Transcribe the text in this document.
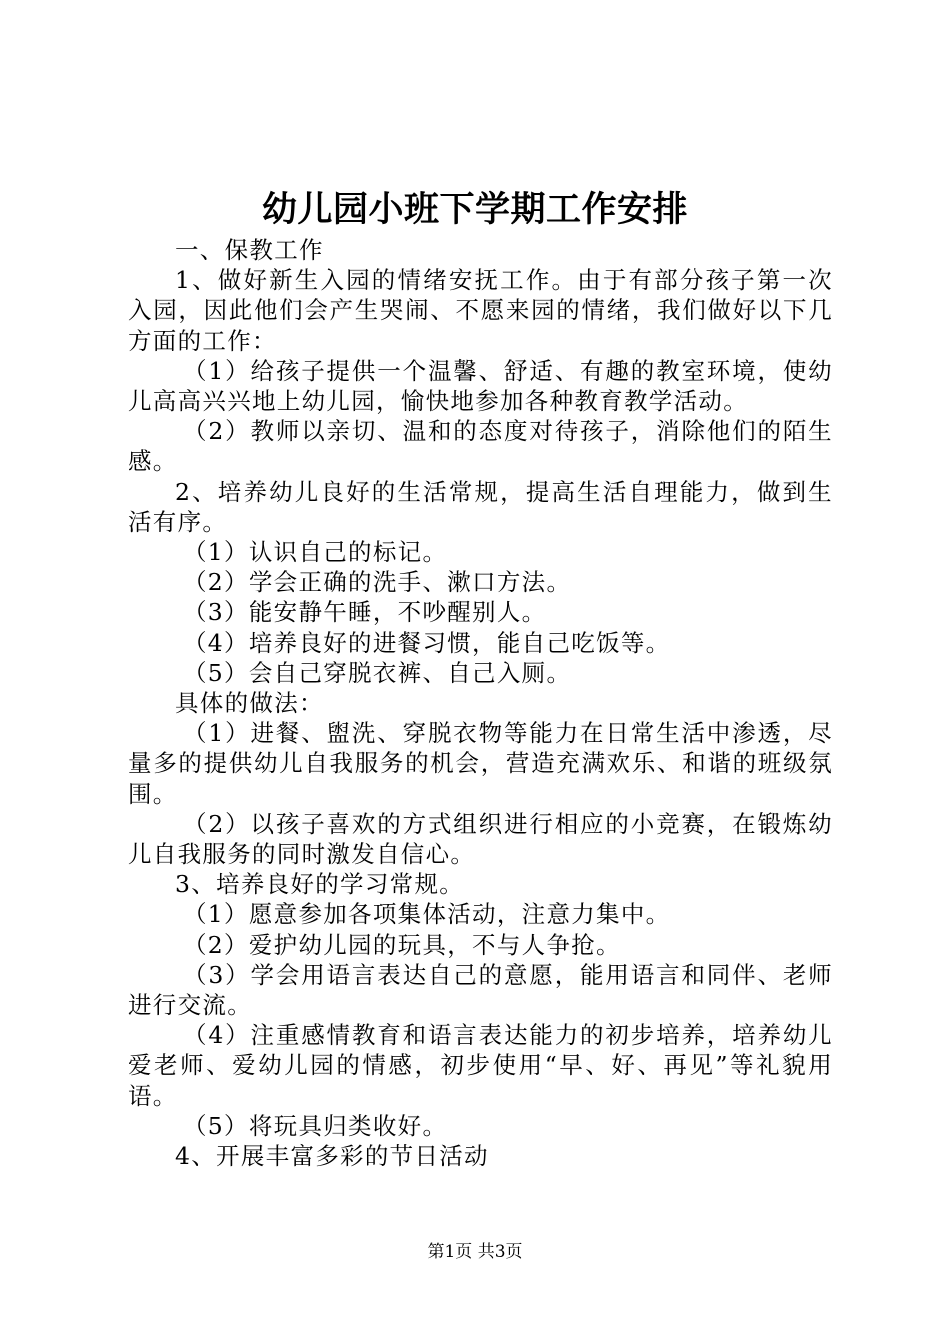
幼儿园小班下学期工作安排

一、保教工作

1、做好新生入园的情绪安抚工作。由于有部分孩子第一次入园，因此他们会产生哭闹、不愿来园的情绪，我们做好以下几方面的工作：

（1）给孩子提供一个温馨、舒适、有趣的教室环境，使幼儿高高兴兴地上幼儿园，愉快地参加各种教育教学活动。

（2）教师以亲切、温和的态度对待孩子，消除他们的陌生感。

2、培养幼儿良好的生活常规，提高生活自理能力，做到生活有序。

（1）认识自己的标记。

（2）学会正确的洗手、漱口方法。

（3）能安静午睡，不吵醒别人。

（4）培养良好的进餐习惯，能自己吃饭等。

（5）会自己穿脱衣裤、自己入厕。

具体的做法：

（1）进餐、盥洗、穿脱衣物等能力在日常生活中渗透，尽量多的提供幼儿自我服务的机会，营造充满欢乐、和谐的班级氛围。

（2）以孩子喜欢的方式组织进行相应的小竞赛，在锻炼幼儿自我服务的同时激发自信心。

3、培养良好的学习常规。

（1）愿意参加各项集体活动，注意力集中。

（2）爱护幼儿园的玩具，不与人争抢。

（3）学会用语言表达自己的意愿，能用语言和同伴、老师进行交流。

（4）注重感情教育和语言表达能力的初步培养，培养幼儿爱老师、爱幼儿园的情感，初步使用“早、好、再见”等礼貌用语。

（5）将玩具归类收好。

4、开展丰富多彩的节日活动

第1页 共3页
